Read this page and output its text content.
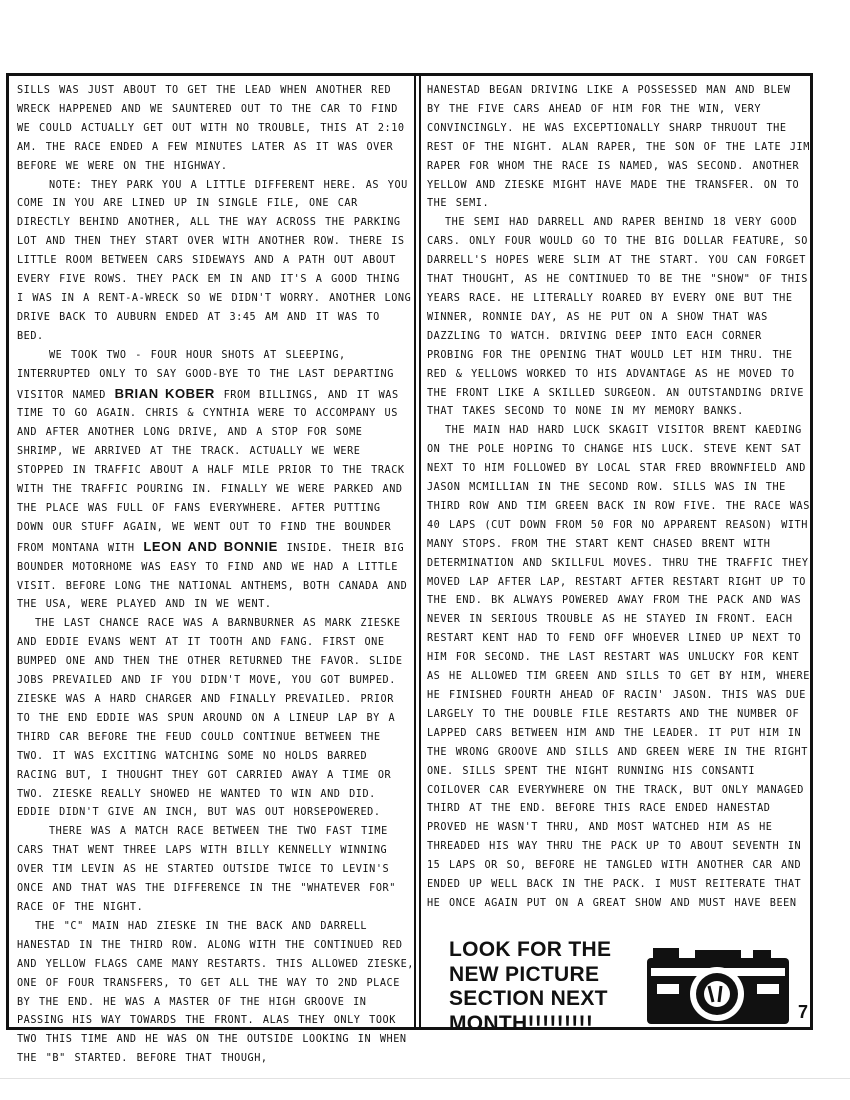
SILLS WAS JUST ABOUT TO GET THE LEAD WHEN ANOTHER RED WRECK HAPPENED AND WE SAUNTERED OUT TO THE CAR TO FIND WE COULD ACTUALLY GET OUT WITH NO TROUBLE, THIS AT 2:10 AM. THE RACE ENDED A FEW MINUTES LATER AS IT WAS OVER BEFORE WE WERE ON THE HIGHWAY.

NOTE: THEY PARK YOU A LITTLE DIFFERENT HERE. AS YOU COME IN YOU ARE LINED UP IN SINGLE FILE, ONE CAR DIRECTLY BEHIND ANOTHER, ALL THE WAY ACROSS THE PARKING LOT AND THEN THEY START OVER WITH ANOTHER ROW. THERE IS LITTLE ROOM BETWEEN CARS SIDEWAYS AND A PATH OUT ABOUT EVERY FIVE ROWS. THEY PACK EM IN AND IT'S A GOOD THING I WAS IN A RENT-A-WRECK SO WE DIDN'T WORRY. ANOTHER LONG DRIVE BACK TO AUBURN ENDED AT 3:45 AM AND IT WAS TO BED.

WE TOOK TWO - FOUR HOUR SHOTS AT SLEEPING, INTERRUPTED ONLY TO SAY GOOD-BYE TO THE LAST DEPARTING VISITOR NAMED BRIAN KOBER FROM BILLINGS, AND IT WAS TIME TO GO AGAIN. CHRIS & CYNTHIA WERE TO ACCOMPANY US AND AFTER ANOTHER LONG DRIVE, AND A STOP FOR SOME SHRIMP, WE ARRIVED AT THE TRACK. ACTUALLY WE WERE STOPPED IN TRAFFIC ABOUT A HALF MILE PRIOR TO THE TRACK WITH THE TRAFFIC POURING IN. FINALLY WE WERE PARKED AND THE PLACE WAS FULL OF FANS EVERYWHERE. AFTER PUTTING DOWN OUR STUFF AGAIN, WE WENT OUT TO FIND THE BOUNDER FROM MONTANA WITH LEON AND BONNIE INSIDE. THEIR BIG BOUNDER MOTORHOME WAS EASY TO FIND AND WE HAD A LITTLE VISIT. BEFORE LONG THE NATIONAL ANTHEMS, BOTH CANADA AND THE USA, WERE PLAYED AND IN WE WENT.

THE LAST CHANCE RACE WAS A BARNBURNER AS MARK ZIESKE AND EDDIE EVANS WENT AT IT TOOTH AND FANG. FIRST ONE BUMPED ONE AND THEN THE OTHER RETURNED THE FAVOR. SLIDE JOBS PREVAILED AND IF YOU DIDN'T MOVE, YOU GOT BUMPED. ZIESKE WAS A HARD CHARGER AND FINALLY PREVAILED. PRIOR TO THE END EDDIE WAS SPUN AROUND ON A LINEUP LAP BY A THIRD CAR BEFORE THE FEUD COULD CONTINUE BETWEEN THE TWO. IT WAS EXCITING WATCHING SOME NO HOLDS BARRED RACING BUT, I THOUGHT THEY GOT CARRIED AWAY A TIME OR TWO. ZIESKE REALLY SHOWED HE WANTED TO WIN AND DID. EDDIE DIDN'T GIVE AN INCH, BUT WAS OUT HORSEPOWERED.

THERE WAS A MATCH RACE BETWEEN THE TWO FAST TIME CARS THAT WENT THREE LAPS WITH BILLY KENNELLY WINNING OVER TIM LEVIN AS HE STARTED OUTSIDE TWICE TO LEVIN'S ONCE AND THAT WAS THE DIFFERENCE IN THE "WHATEVER FOR" RACE OF THE NIGHT.

THE "C" MAIN HAD ZIESKE IN THE BACK AND DARRELL HANESTAD IN THE THIRD ROW. ALONG WITH THE CONTINUED RED AND YELLOW FLAGS CAME MANY RESTARTS. THIS ALLOWED ZIESKE, ONE OF FOUR TRANSFERS, TO GET ALL THE WAY TO 2ND PLACE BY THE END. HE WAS A MASTER OF THE HIGH GROOVE IN PASSING HIS WAY TOWARDS THE FRONT. ALAS THEY ONLY TOOK TWO THIS TIME AND HE WAS ON THE OUTSIDE LOOKING IN WHEN THE "B" STARTED. BEFORE THAT THOUGH,

HANESTAD BEGAN DRIVING LIKE A POSSESSED MAN AND BLEW BY THE FIVE CARS AHEAD OF HIM FOR THE WIN, VERY CONVINCINGLY. HE WAS EXCEPTIONALLY SHARP THRUOUT THE REST OF THE NIGHT. ALAN RAPER, THE SON OF THE LATE JIM RAPER FOR WHOM THE RACE IS NAMED, WAS SECOND. ANOTHER YELLOW AND ZIESKE MIGHT HAVE MADE THE TRANSFER. ON TO THE SEMI.

THE SEMI HAD DARRELL AND RAPER BEHIND 18 VERY GOOD CARS. ONLY FOUR WOULD GO TO THE BIG DOLLAR FEATURE, SO DARRELL'S HOPES WERE SLIM AT THE START. YOU CAN FORGET THAT THOUGHT, AS HE CONTINUED TO BE THE "SHOW" OF THIS YEARS RACE. HE LITERALLY ROARED BY EVERY ONE BUT THE WINNER, RONNIE DAY, AS HE PUT ON A SHOW THAT WAS DAZZLING TO WATCH. DRIVING DEEP INTO EACH CORNER PROBING FOR THE OPENING THAT WOULD LET HIM THRU. THE RED & YELLOWS WORKED TO HIS ADVANTAGE AS HE MOVED TO THE FRONT LIKE A SKILLED SURGEON. AN OUTSTANDING DRIVE THAT TAKES SECOND TO NONE IN MY MEMORY BANKS.

THE MAIN HAD HARD LUCK SKAGIT VISITOR BRENT KAEDING ON THE POLE HOPING TO CHANGE HIS LUCK. STEVE KENT SAT NEXT TO HIM FOLLOWED BY LOCAL STAR FRED BROWNFIELD AND JASON MCMILLIAN IN THE SECOND ROW. SILLS WAS IN THE THIRD ROW AND TIM GREEN BACK IN ROW FIVE. THE RACE WAS 40 LAPS (CUT DOWN FROM 50 FOR NO APPARENT REASON) WITH MANY STOPS. FROM THE START KENT CHASED BRENT WITH DETERMINATION AND SKILLFUL MOVES. THRU THE TRAFFIC THEY MOVED LAP AFTER LAP, RESTART AFTER RESTART RIGHT UP TO THE END. BK ALWAYS POWERED AWAY FROM THE PACK AND WAS NEVER IN SERIOUS TROUBLE AS HE STAYED IN FRONT. EACH RESTART KENT HAD TO FEND OFF WHOEVER LINED UP NEXT TO HIM FOR SECOND. THE LAST RESTART WAS UNLUCKY FOR KENT AS HE ALLOWED TIM GREEN AND SILLS TO GET BY HIM, WHERE HE FINISHED FOURTH AHEAD OF RACIN' JASON. THIS WAS DUE LARGELY TO THE DOUBLE FILE RESTARTS AND THE NUMBER OF LAPPED CARS BETWEEN HIM AND THE LEADER. IT PUT HIM IN THE WRONG GROOVE AND SILLS AND GREEN WERE IN THE RIGHT ONE. SILLS SPENT THE NIGHT RUNNING HIS CONSANTI COILOVER CAR EVERYWHERE ON THE TRACK, BUT ONLY MANAGED THIRD AT THE END. BEFORE THIS RACE ENDED HANESTAD PROVED HE WASN'T THRU, AND MOST WATCHED HIM AS HE THREADED HIS WAY THRU THE PACK UP TO ABOUT SEVENTH IN 15 LAPS OR SO, BEFORE HE TANGLED WITH ANOTHER CAR AND ENDED UP WELL BACK IN THE PACK. I MUST REITERATE THAT HE ONCE AGAIN PUT ON A GREAT SHOW AND MUST HAVE BEEN

LOOK FOR THE
NEW PICTURE
SECTION NEXT
MONTH!!!!!!!!!	7
